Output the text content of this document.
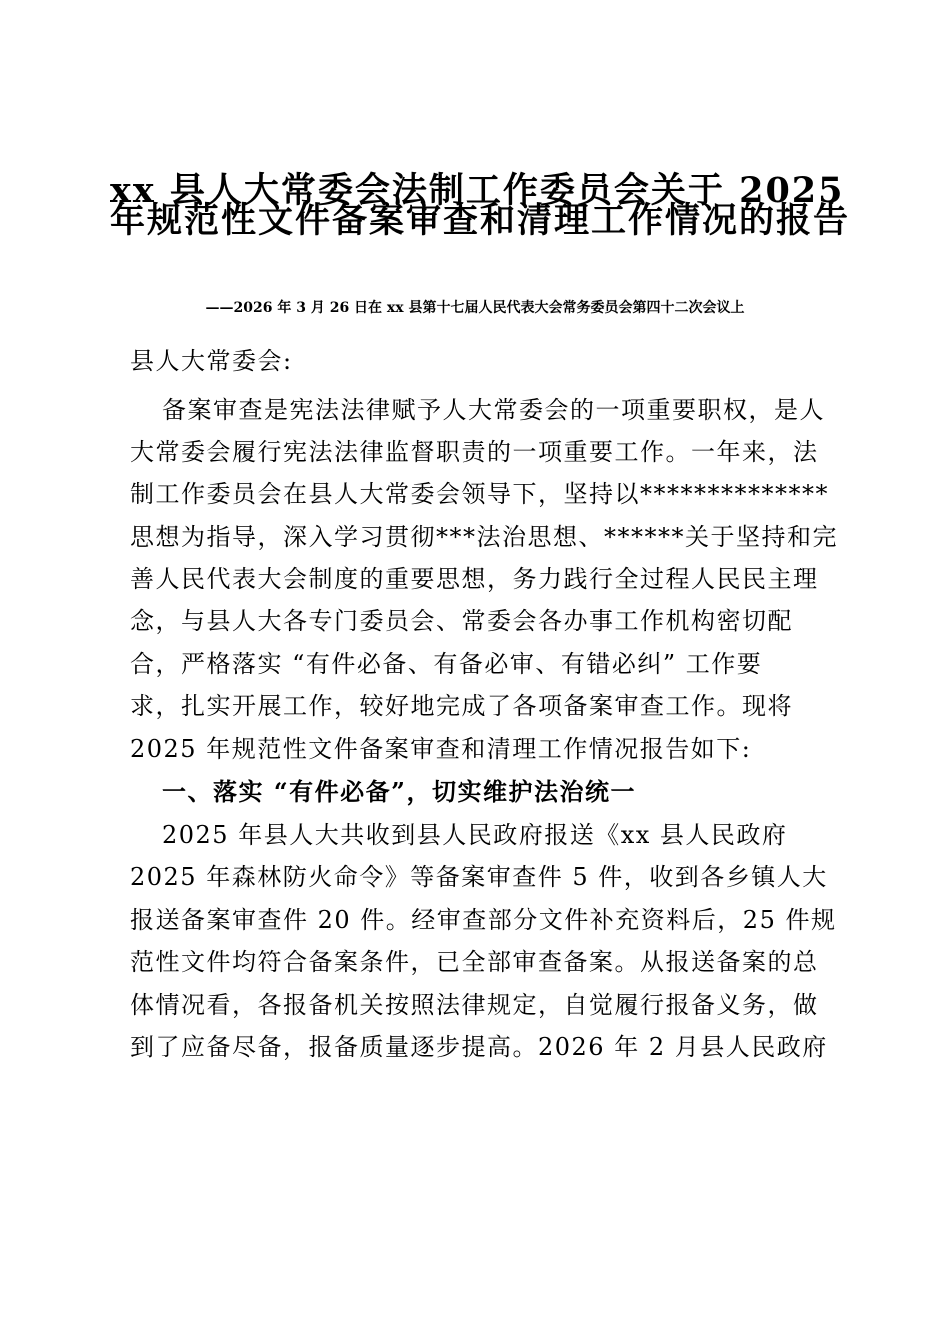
xx 县人大常委会法制工作委员会关于 2025
年规范性文件备案审查和清理工作情况的报告
——2026 年 3 月 26 日在 xx 县第十七届人民代表大会常务委员会第四十二次会议上
县人大常委会:
备案审查是宪法法律赋予人大常委会的一项重要职权，是人
大常委会履行宪法法律监督职责的一项重要工作。一年来，法
制工作委员会在县人大常委会领导下，坚持以**************
思想为指导，深入学习贯彻***法治思想、******关于坚持和完
善人民代表大会制度的重要思想，务力践行全过程人民民主理
念，与县人大各专门委员会、常委会各办事工作机构密切配
合，严格落实 “有件必备、有备必审、有错必纠” 工作要
求，扎实开展工作，较好地完成了各项备案审查工作。现将
2025 年规范性文件备案审查和清理工作情况报告如下:
一、落实 “有件必备”，切实维护法治统一
2025 年县人大共收到县人民政府报送《xx 县人民政府
2025 年森林防火命令》等备案审查件 5 件，收到各乡镇人大
报送备案审查件 20 件。经审查部分文件补充资料后，25 件规
范性文件均符合备案条件，已全部审查备案。从报送备案的总
体情况看，各报备机关按照法律规定，自觉履行报备义务，做
到了应备尽备，报备质量逐步提高。2026 年 2 月县人民政府
